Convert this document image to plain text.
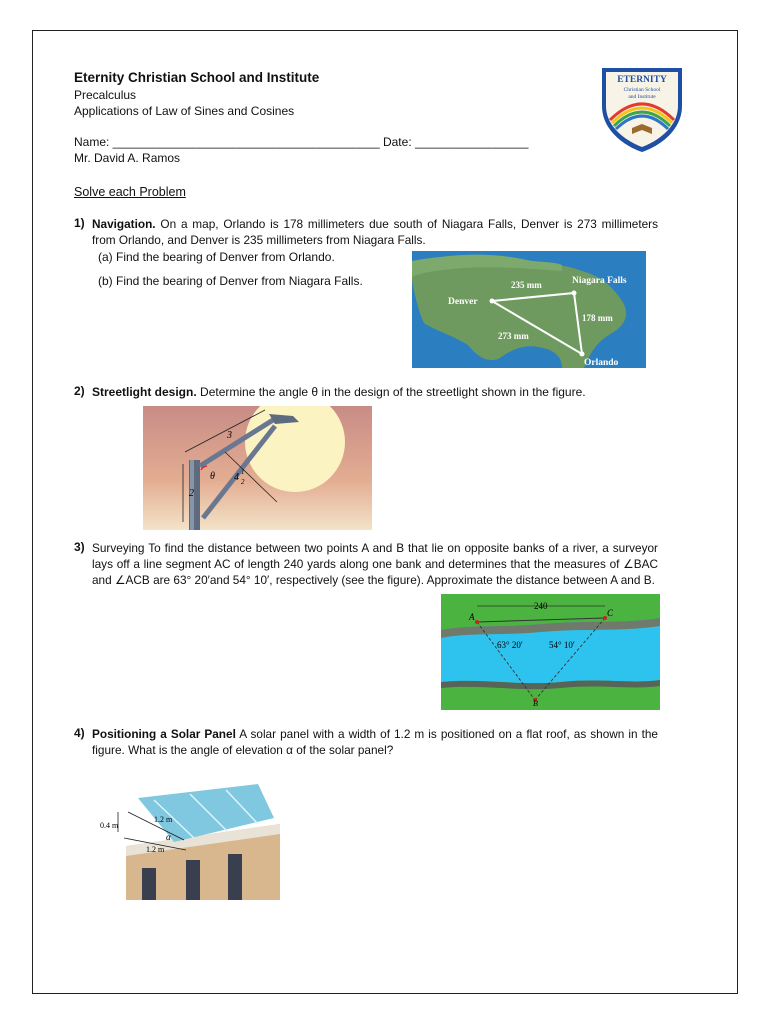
Eternity Christian School and Institute
Precalculus
Applications of Law of Sines and Cosines
Name: ________________________________________ Date: _________________
Mr. David A. Ramos
ETERNITY
Christian School
and Institute
Solve each Problem
1) Navigation. On a map, Orlando is 178 millimeters due south of Niagara Falls, Denver is 273 millimeters from Orlando, and Denver is 235 millimeters from Niagara Falls.
(a) Find the bearing of Denver from Orlando.
(b) Find the bearing of Denver from Niagara Falls.	Niagara Falls
Denver
Orlando
235 mm
178 mm
273 mm
2) Streetlight design. Determine the angle θ in the design of the streetlight shown in the figure.
3
θ 4 1
2
2
3) Surveying To find the distance between two points A and B that lie on opposite banks of a river, a surveyor lays off a line segment AC of length 240 yards along one bank and determines that the measures of ∠BAC and ∠ACB are 63° 20′and 54° 10′, respectively (see the figure). Approximate the distance between A and B.
240
A	C
63° 20′	54° 10′
B
4) Positioning a Solar Panel A solar panel with a width of 1.2 m is positioned on a flat roof, as shown in the figure. What is the angle of elevation α of the solar panel?
0.4 m
1.2 m
α
1.2 m
